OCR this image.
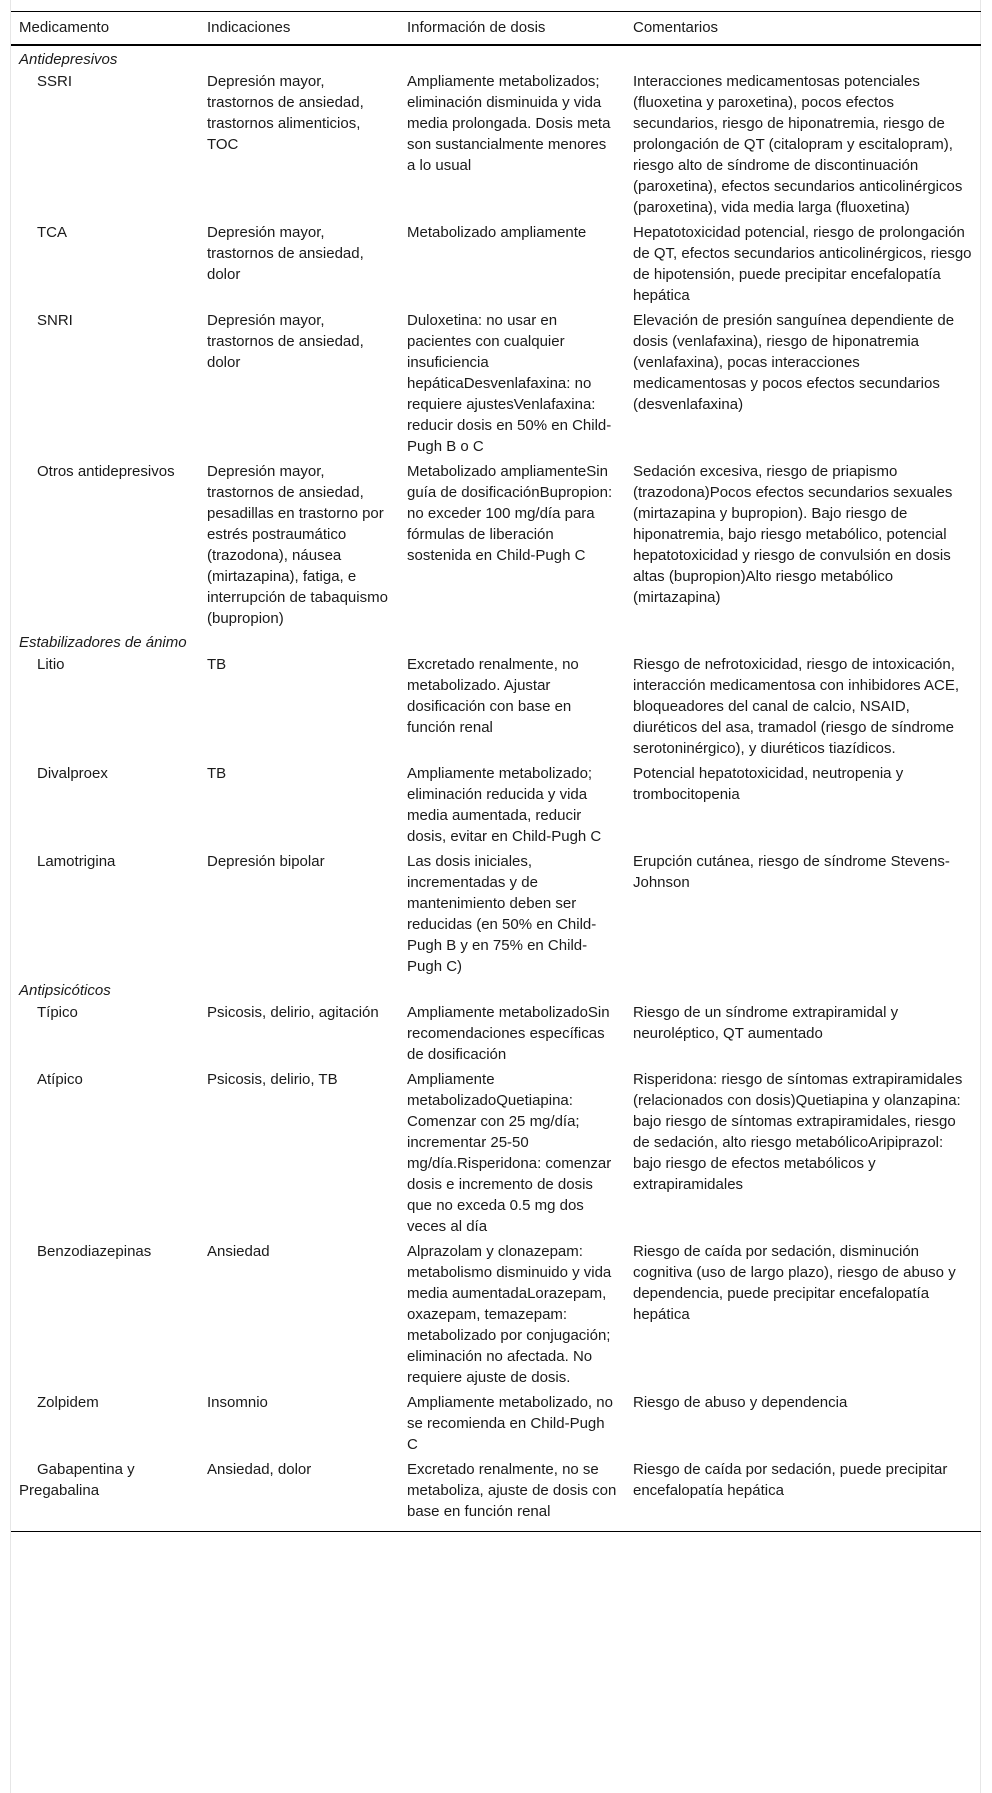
Medicamento	Indicaciones	Información de dosis	Comentarios
Antidepresivos			
SSRI	Depresión mayor, trastornos de ansiedad, trastornos alimenticios, TOC	Ampliamente metabolizados; eliminación disminuida y vida media prolongada. Dosis meta son sustancialmente menores a lo usual	Interacciones medicamentosas potenciales (fluoxetina y paroxetina), pocos efectos secundarios, riesgo de hiponatremia, riesgo de prolongación de QT (citalopram y escitalopram), riesgo alto de síndrome de discontinuación (paroxetina), efectos secundarios anticolinérgicos (paroxetina), vida media larga (fluoxetina)
TCA	Depresión mayor, trastornos de ansiedad, dolor	Metabolizado ampliamente	Hepatotoxicidad potencial, riesgo de prolongación de QT, efectos secundarios anticolinérgicos, riesgo de hipotensión, puede precipitar encefalopatía hepática
SNRI	Depresión mayor, trastornos de ansiedad, dolor	Duloxetina: no usar en pacientes con cualquier insuficiencia hepáticaDesvenlafaxina: no requiere ajustesVenlafaxina: reducir dosis en 50% en Child-Pugh B o C	Elevación de presión sanguínea dependiente de dosis (venlafaxina), riesgo de hiponatremia (venlafaxina), pocas interacciones medicamentosas y pocos efectos secundarios (desvenlafaxina)
Otros antidepresivos	Depresión mayor, trastornos de ansiedad, pesadillas en trastorno por estrés postraumático (trazodona), náusea (mirtazapina), fatiga, e interrupción de tabaquismo (bupropion)	Metabolizado ampliamenteSin guía de dosificaciónBupropion: no exceder 100 mg/día para fórmulas de liberación sostenida en Child-Pugh C	Sedación excesiva, riesgo de priapismo (trazodona)Pocos efectos secundarios sexuales (mirtazapina y bupropion). Bajo riesgo de hiponatremia, bajo riesgo metabólico, potencial hepatotoxicidad y riesgo de convulsión en dosis altas (bupropion)Alto riesgo metabólico (mirtazapina)
Estabilizadores de ánimo			
Litio	TB	Excretado renalmente, no metabolizado. Ajustar dosificación con base en función renal	Riesgo de nefrotoxicidad, riesgo de intoxicación, interacción medicamentosa con inhibidores ACE, bloqueadores del canal de calcio, NSAID, diuréticos del asa, tramadol (riesgo de síndrome serotoninérgico), y diuréticos tiazídicos.
Divalproex	TB	Ampliamente metabolizado; eliminación reducida y vida media aumentada, reducir dosis, evitar en Child-Pugh C	Potencial hepatotoxicidad, neutropenia y trombocitopenia
Lamotrigina	Depresión bipolar	Las dosis iniciales, incrementadas y de mantenimiento deben ser reducidas (en 50% en Child-Pugh B y en 75% en Child-Pugh C)	Erupción cutánea, riesgo de síndrome Stevens-Johnson
Antipsicóticos			
Típico	Psicosis, delirio, agitación	Ampliamente metabolizadoSin recomendaciones específicas de dosificación	Riesgo de un síndrome extrapiramidal y neuroléptico, QT aumentado
Atípico	Psicosis, delirio, TB	Ampliamente metabolizadoQuetiapina: Comenzar con 25 mg/día; incrementar 25-50 mg/día.Risperidona: comenzar dosis e incremento de dosis que no exceda 0.5 mg dos veces al día	Risperidona: riesgo de síntomas extrapiramidales (relacionados con dosis)Quetiapina y olanzapina: bajo riesgo de síntomas extrapiramidales, riesgo de sedación, alto riesgo metabólicoAripiprazol: bajo riesgo de efectos metabólicos y extrapiramidales
Benzodiazepinas	Ansiedad	Alprazolam y clonazepam: metabolismo disminuido y vida media aumentadaLorazepam, oxazepam, temazepam: metabolizado por conjugación; eliminación no afectada. No requiere ajuste de dosis.	Riesgo de caída por sedación, disminución cognitiva (uso de largo plazo), riesgo de abuso y dependencia, puede precipitar encefalopatía hepática
Zolpidem	Insomnio	Ampliamente metabolizado, no se recomienda en Child-Pugh C	Riesgo de abuso y dependencia
Gabapentina y Pregabalina	Ansiedad, dolor	Excretado renalmente, no se metaboliza, ajuste de dosis con base en función renal	Riesgo de caída por sedación, puede precipitar encefalopatía hepática
